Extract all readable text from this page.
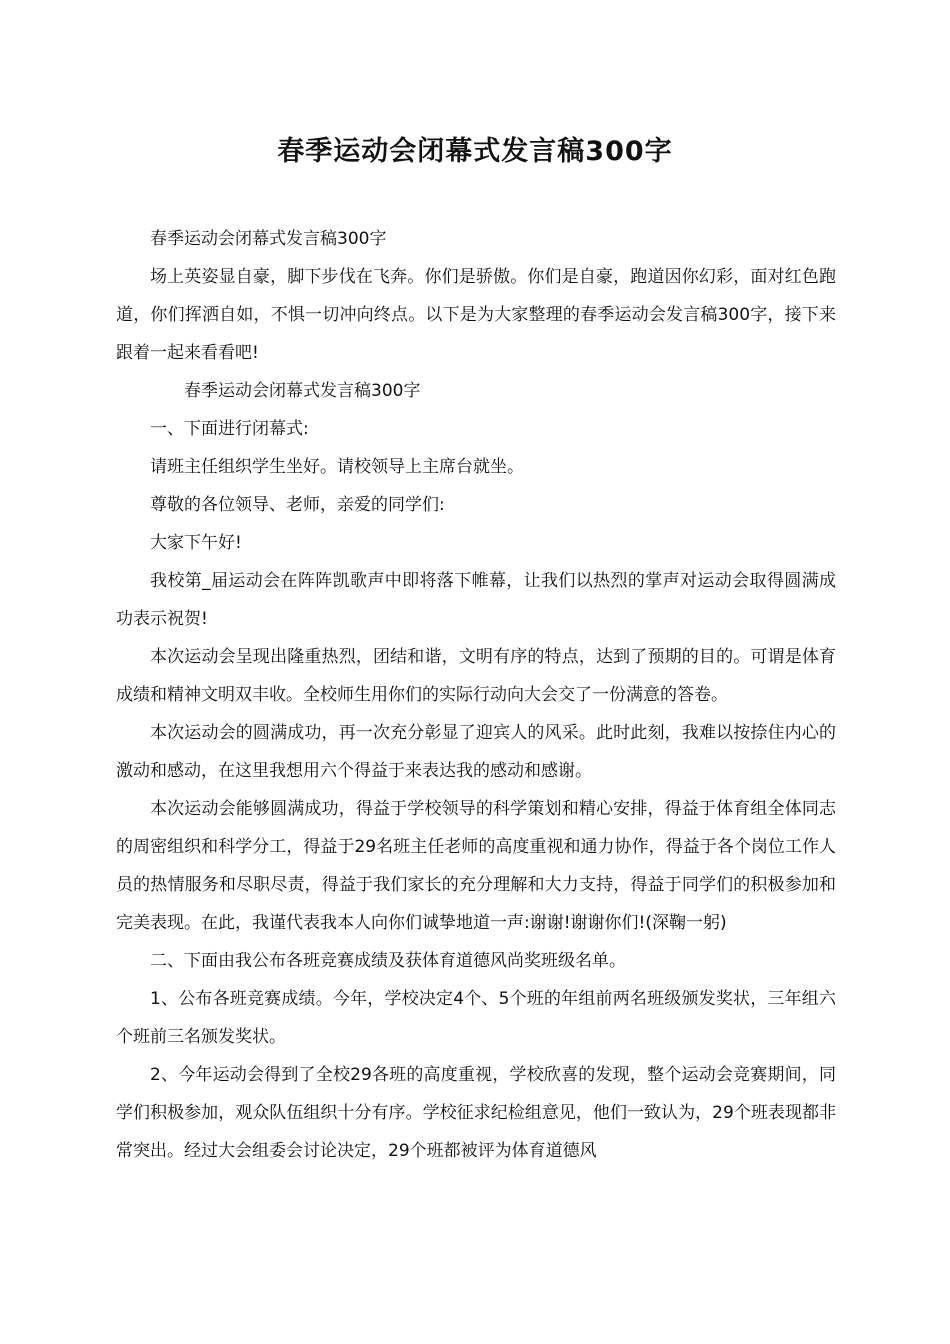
春季运动会闭幕式发言稿300字

春季运动会闭幕式发言稿300字

场上英姿显自豪，脚下步伐在飞奔。你们是骄傲。你们是自豪，跑道因你幻彩，面对红色跑道，你们挥洒自如，不惧一切冲向终点。以下是为大家整理的春季运动会发言稿300字，接下来跟着一起来看看吧!

春季运动会闭幕式发言稿300字

一、下面进行闭幕式:

请班主任组织学生坐好。请校领导上主席台就坐。

尊敬的各位领导、老师，亲爱的同学们:

大家下午好!

我校第_届运动会在阵阵凯歌声中即将落下帷幕，让我们以热烈的掌声对运动会取得圆满成功表示祝贺!

本次运动会呈现出隆重热烈，团结和谐，文明有序的特点，达到了预期的目的。可谓是体育成绩和精神文明双丰收。全校师生用你们的实际行动向大会交了一份满意的答卷。

本次运动会的圆满成功，再一次充分彰显了迎宾人的风采。此时此刻，我难以按捺住内心的激动和感动，在这里我想用六个得益于来表达我的感动和感谢。

本次运动会能够圆满成功，得益于学校领导的科学策划和精心安排，得益于体育组全体同志的周密组织和科学分工，得益于29名班主任老师的高度重视和通力协作，得益于各个岗位工作人员的热情服务和尽职尽责，得益于我们家长的充分理解和大力支持，得益于同学们的积极参加和完美表现。在此，我谨代表我本人向你们诚挚地道一声:谢谢!谢谢你们!(深鞠一躬)

二、下面由我公布各班竞赛成绩及获体育道德风尚奖班级名单。

1、公布各班竞赛成绩。今年，学校决定4个、5个班的年组前两名班级颁发奖状，三年组六个班前三名颁发奖状。

2、今年运动会得到了全校29各班的高度重视，学校欣喜的发现，整个运动会竞赛期间，同学们积极参加，观众队伍组织十分有序。学校征求纪检组意见，他们一致认为，29个班表现都非常突出。经过大会组委会讨论决定，29个班都被评为体育道德风
